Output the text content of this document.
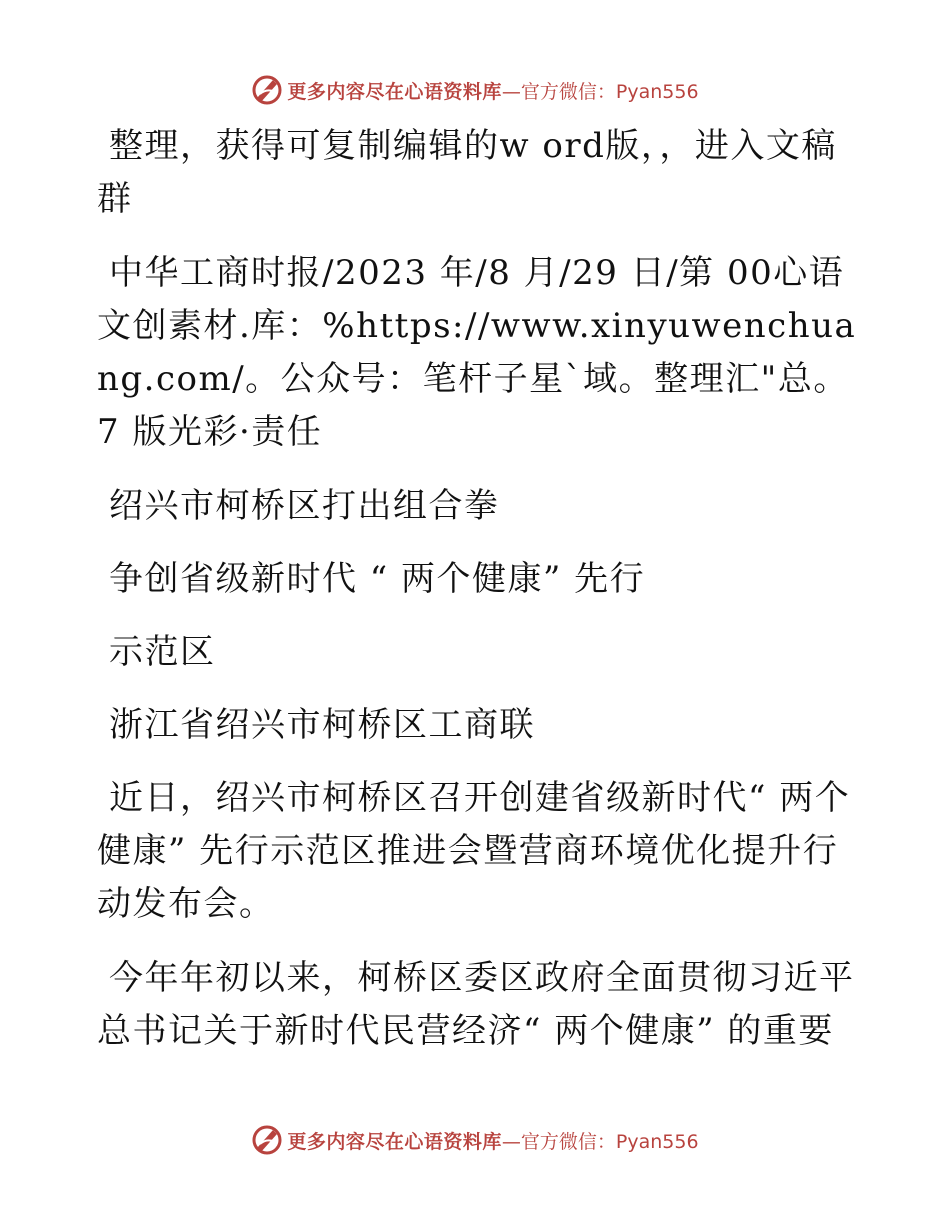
更多内容尽在心语资料库 —官方微信：Pyan556

整理，获得可复制编辑的w ord版，，进入文稿群

中华工商时报/2023 年/8 月/29 日/第 00心语文创素材.库：%https://www.xinyuwenchuang.com/。公众号：笔杆子星ˋ域。整理汇"总。7 版光彩·责任

绍兴市柯桥区打出组合拳

争创省级新时代 “ 两个健康” 先行

示范区

浙江省绍兴市柯桥区工商联

近日，绍兴市柯桥区召开创建省级新时代“ 两个健康” 先行示范区推进会暨营商环境优化提升行动发布会。

今年年初以来，柯桥区委区政府全面贯彻习近平总书记关于新时代民营经济“ 两个健康” 的重要

更多内容尽在心语资料库 —官方微信：Pyan556
